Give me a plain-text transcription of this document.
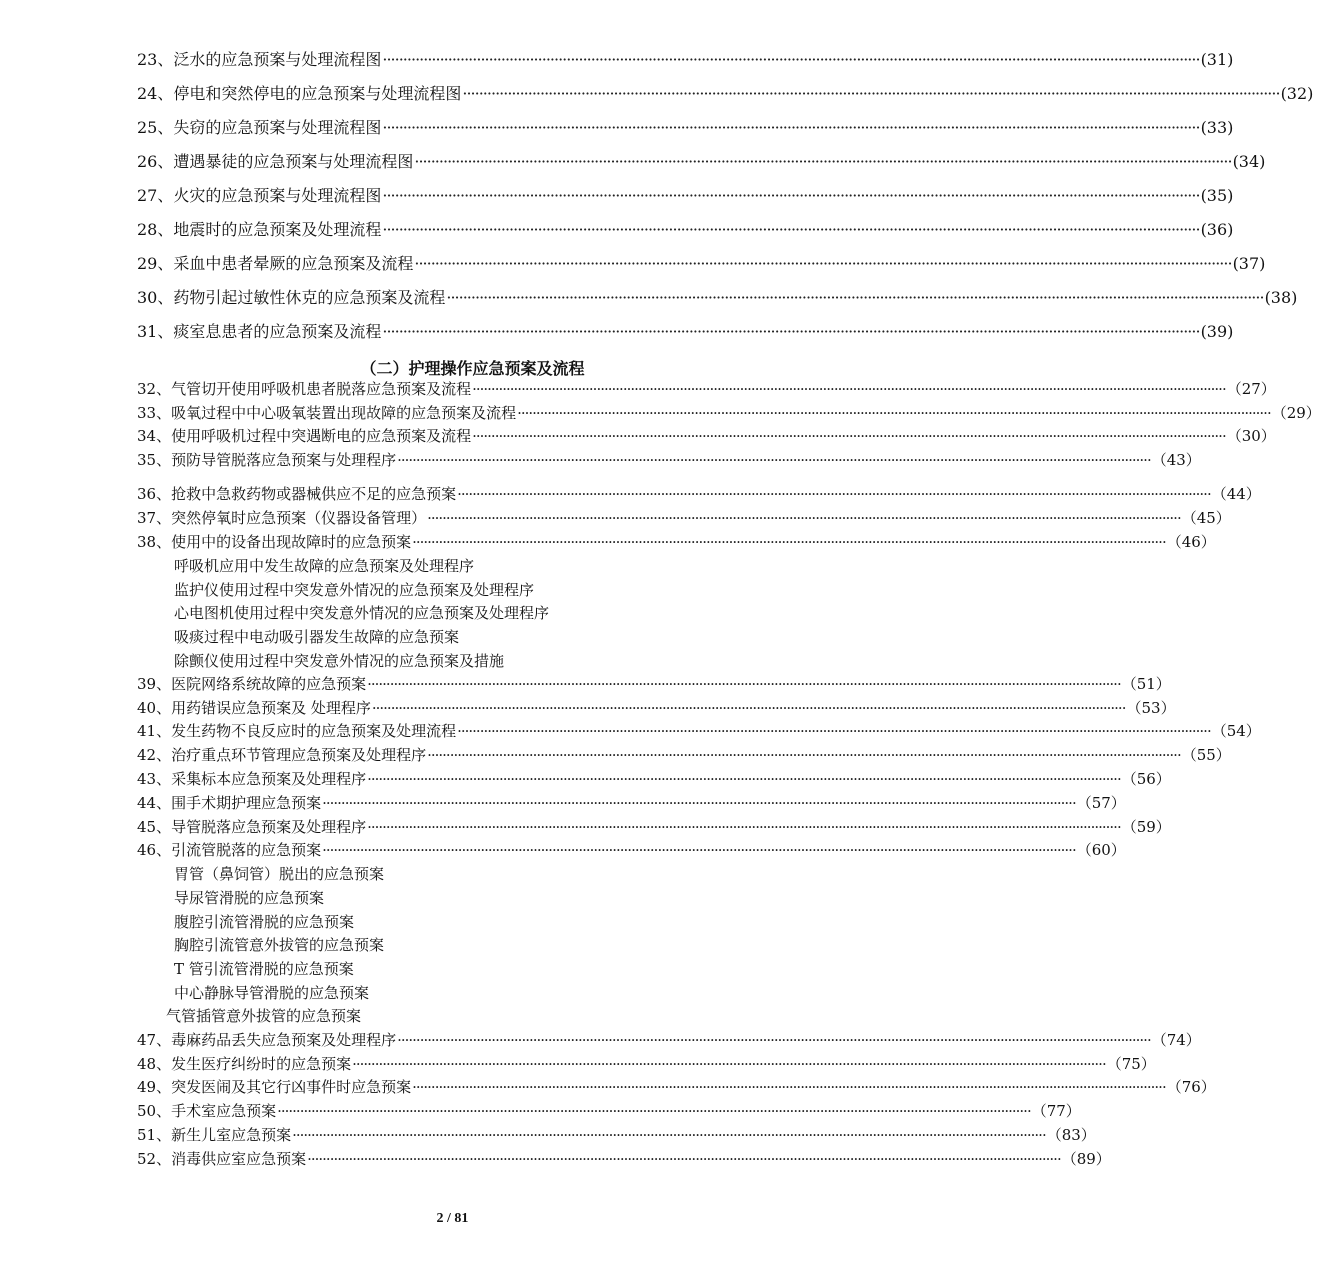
23、泛水的应急预案与处理流程图 ········································································································································································································ (31)
24、停电和突然停电的应急预案与处理流程图 ········································································································································································································ (32)
25、失窃的应急预案与处理流程图 ········································································································································································································ (33)
26、遭遇暴徒的应急预案与处理流程图 ········································································································································································································ (34)
27、火灾的应急预案与处理流程图 ········································································································································································································ (35)
28、地震时的应急预案及处理流程 ········································································································································································································ (36)
29、采血中患者晕厥的应急预案及流程 ········································································································································································································ (37)
30、药物引起过敏性休克的应急预案及流程 ········································································································································································································ (38)
31、痰室息患者的应急预案及流程 ········································································································································································································ (39)
（二）护理操作应急预案及流程
32、气管切开使用呼吸机患者脱落应急预案及流程 ········································································································································································································ （27）
33、吸氧过程中中心吸氧装置出现故障的应急预案及流程 ········································································································································································································ （29）
34、使用呼吸机过程中突遇断电的应急预案及流程 ········································································································································································································ （30）
35、预防导管脱落应急预案与处理程序 ········································································································································································································ （43）
36、抢救中急救药物或器械供应不足的应急预案 ········································································································································································································ （44）
37、突然停氧时应急预案（仪器设备管理） ········································································································································································································ （45）
38、使用中的设备出现故障时的应急预案 ········································································································································································································ （46）
39、医院网络系统故障的应急预案 ········································································································································································································ （51）
40、用药错误应急预案及 处理程序 ········································································································································································································ （53）
41、发生药物不良反应时的应急预案及处理流程 ········································································································································································································ （54）
42、治疗重点环节管理应急预案及处理程序 ········································································································································································································ （55）
43、采集标本应急预案及处理程序 ········································································································································································································ （56）
44、围手术期护理应急预案 ········································································································································································································ （57）
45、导管脱落应急预案及处理程序 ········································································································································································································ （59）
46、引流管脱落的应急预案 ········································································································································································································ （60）
47、毒麻药品丢失应急预案及处理程序 ········································································································································································································ （74）
48、发生医疗纠纷时的应急预案 ········································································································································································································ （75）
49、突发医闹及其它行凶事件时应急预案 ········································································································································································································ （76）
50、手术室应急预案 ········································································································································································································ （77）
51、新生儿室应急预案 ········································································································································································································ （83）
52、消毒供应室应急预案 ········································································································································································································ （89）
呼吸机应用中发生故障的应急预案及处理程序
监护仪使用过程中突发意外情况的应急预案及处理程序
心电图机使用过程中突发意外情况的应急预案及处理程序
吸痰过程中电动吸引器发生故障的应急预案
除颤仪使用过程中突发意外情况的应急预案及措施
胃管（鼻饲管）脱出的应急预案
导尿管滑脱的应急预案
腹腔引流管滑脱的应急预案
胸腔引流管意外拔管的应急预案
T 管引流管滑脱的应急预案
中心静脉导管滑脱的应急预案
气管插管意外拔管的应急预案
2 / 81
